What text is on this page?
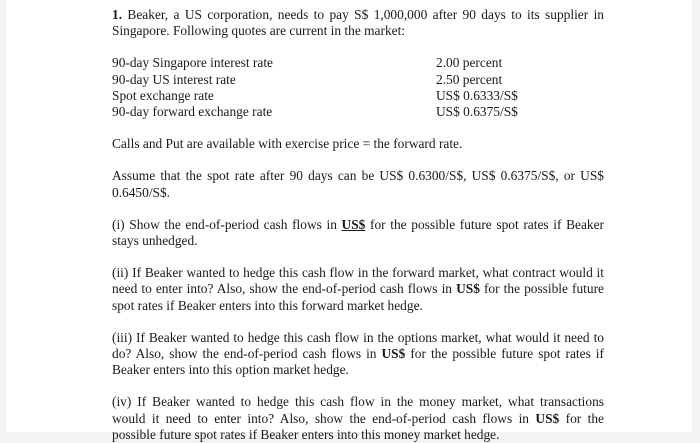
1. Beaker, a US corporation, needs to pay S$ 1,000,000 after 90 days to its supplier in Singapore. Following quotes are current in the market:

90-day Singapore interest rate	2.00 percent
90-day US interest rate	2.50 percent
Spot exchange rate	US$ 0.6333/S$
90-day forward exchange rate	US$ 0.6375/S$

Calls and Put are available with exercise price = the forward rate.

Assume that the spot rate after 90 days can be US$ 0.6300/S$, US$ 0.6375/S$, or US$ 0.6450/S$.

(i) Show the end-of-period cash flows in US$ for the possible future spot rates if Beaker stays unhedged.

(ii) If Beaker wanted to hedge this cash flow in the forward market, what contract would it need to enter into? Also, show the end-of-period cash flows in US$ for the possible future spot rates if Beaker enters into this forward market hedge.

(iii) If Beaker wanted to hedge this cash flow in the options market, what would it need to do? Also, show the end-of-period cash flows in US$ for the possible future spot rates if Beaker enters into this option market hedge.

(iv) If Beaker wanted to hedge this cash flow in the money market, what transactions would it need to enter into? Also, show the end-of-period cash flows in US$ for the possible future spot rates if Beaker enters into this money market hedge.
